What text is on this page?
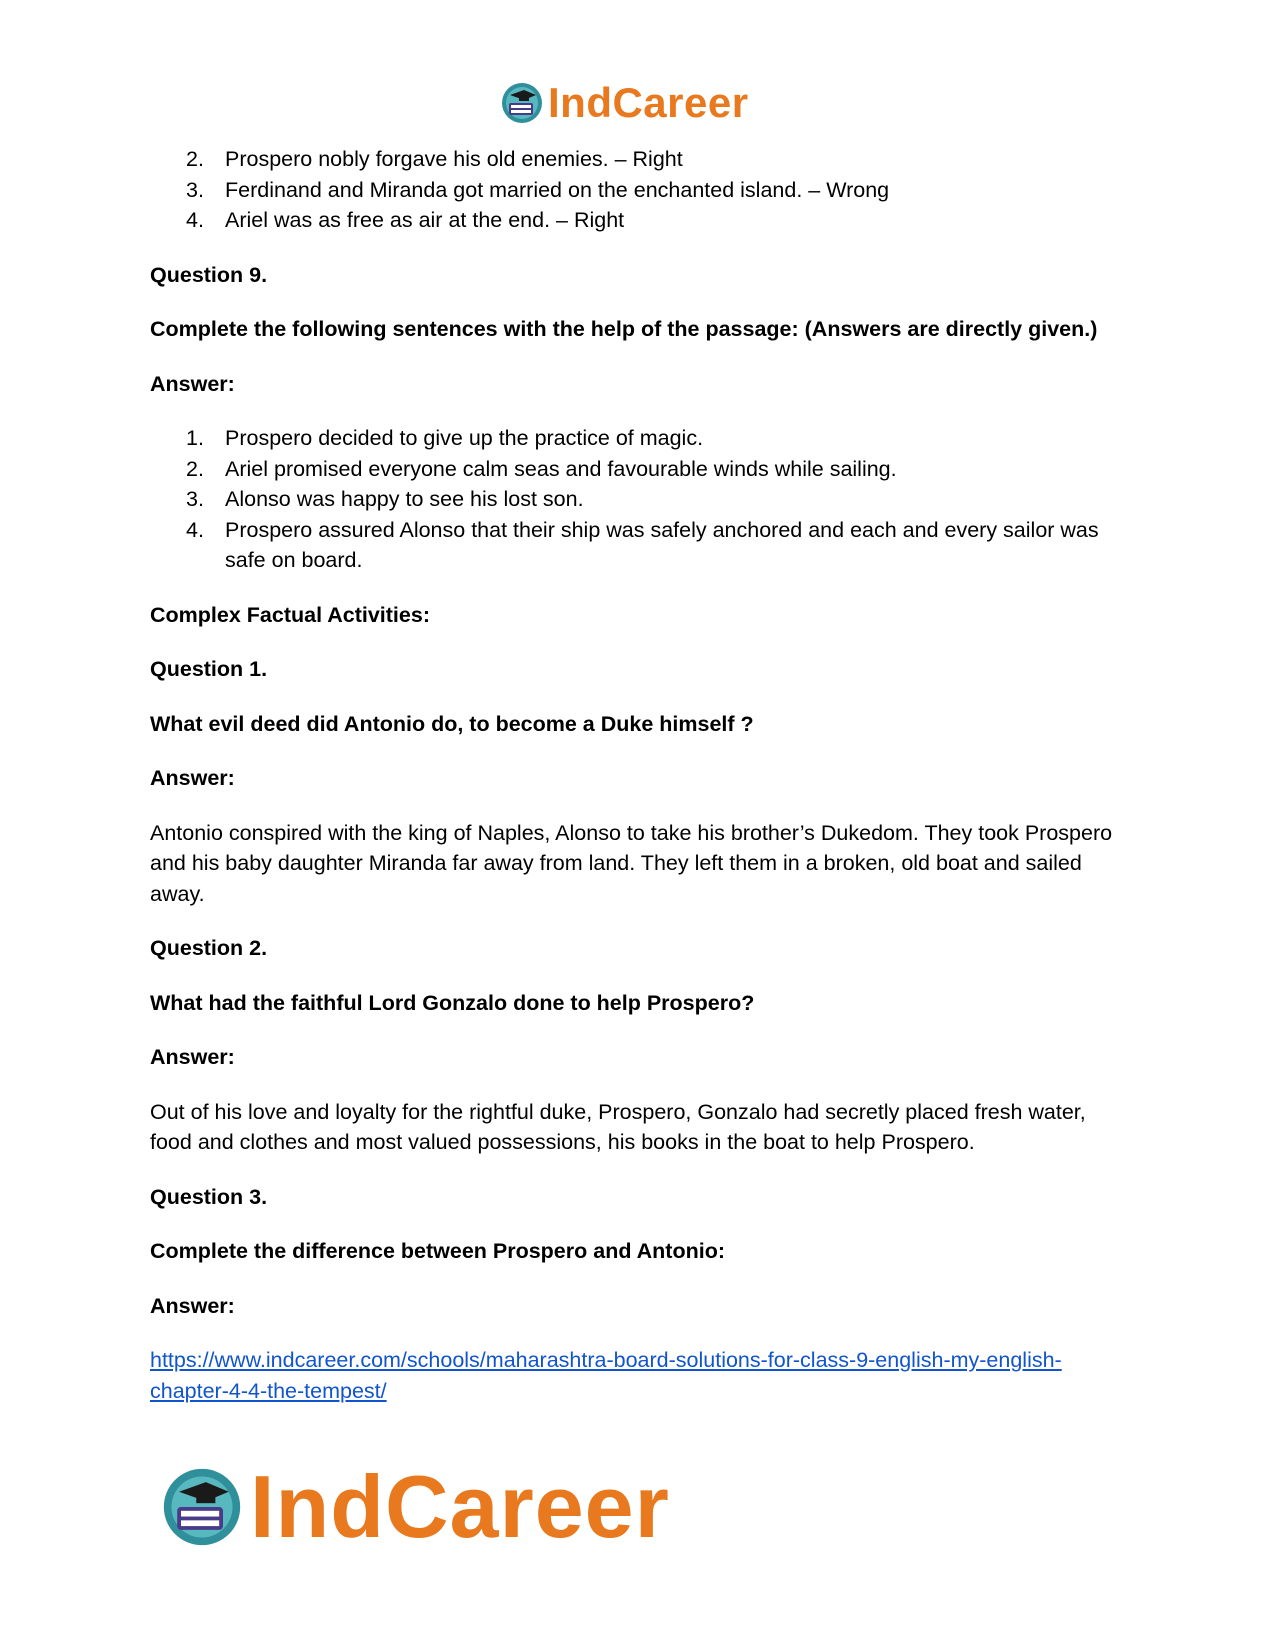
IndCareer
2. Prospero nobly forgave his old enemies. – Right
3. Ferdinand and Miranda got married on the enchanted island. – Wrong
4. Ariel was as free as air at the end. – Right

Question 9.

Complete the following sentences with the help of the passage: (Answers are directly given.)

Answer:

1. Prospero decided to give up the practice of magic.
2. Ariel promised everyone calm seas and favourable winds while sailing.
3. Alonso was happy to see his lost son.
4. Prospero assured Alonso that their ship was safely anchored and each and every sailor was safe on board.

Complex Factual Activities:

Question 1.

What evil deed did Antonio do, to become a Duke himself ?

Answer:

Antonio conspired with the king of Naples, Alonso to take his brother’s Dukedom. They took Prospero and his baby daughter Miranda far away from land. They left them in a broken, old boat and sailed away.

Question 2.

What had the faithful Lord Gonzalo done to help Prospero?

Answer:

Out of his love and loyalty for the rightful duke, Prospero, Gonzalo had secretly placed fresh water, food and clothes and most valued possessions, his books in the boat to help Prospero.

Question 3.

Complete the difference between Prospero and Antonio:

Answer:

https://www.indcareer.com/schools/maharashtra-board-solutions-for-class-9-english-my-english-chapter-4-4-the-tempest/

IndCareer
